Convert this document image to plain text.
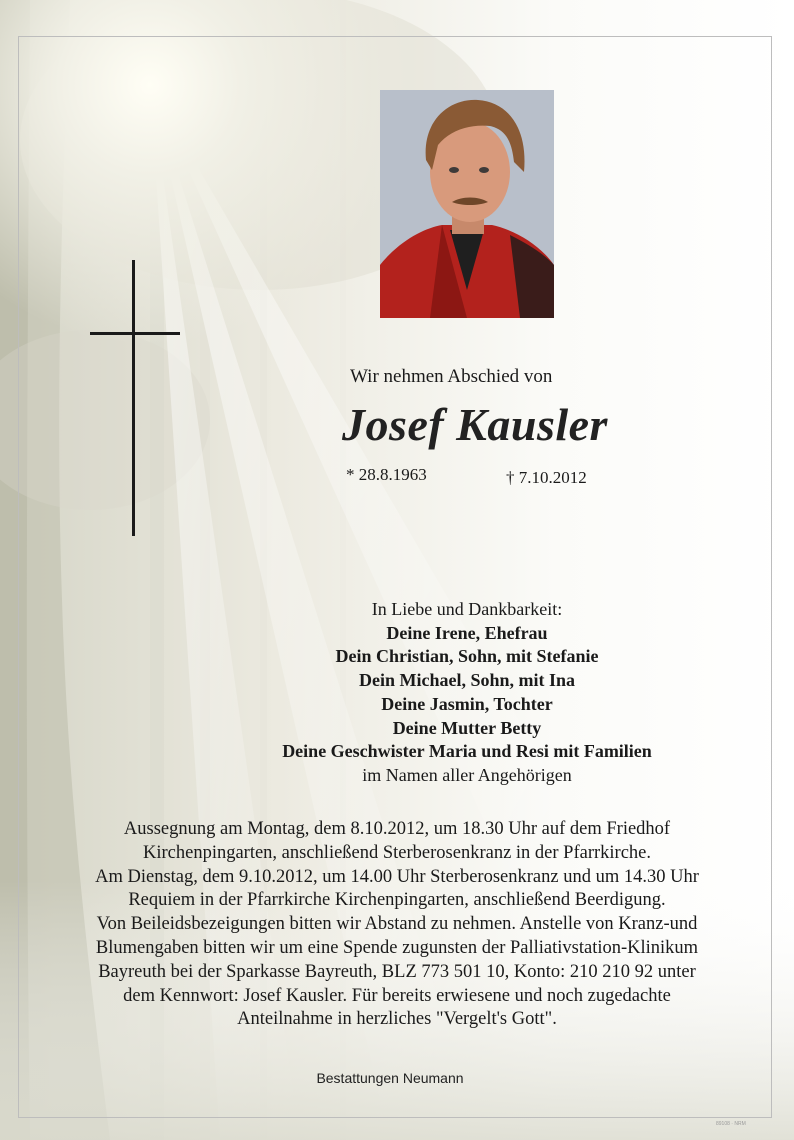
Wir nehmen Abschied von
Josef Kausler
* 28.8.1963	† 7.10.2012
In Liebe und Dankbarkeit:
Deine Irene, Ehefrau
Dein Christian, Sohn, mit Stefanie
Dein Michael, Sohn, mit Ina
Deine Jasmin, Tochter
Deine Mutter Betty
Deine Geschwister Maria und Resi mit Familien
im Namen aller Angehörigen
Aussegnung am Montag, dem 8.10.2012, um 18.30 Uhr auf dem Friedhof
Kirchenpingarten, anschließend Sterberosenkranz in der Pfarrkirche.
Am Dienstag, dem 9.10.2012, um 14.00 Uhr Sterberosenkranz und um 14.30 Uhr
Requiem in der Pfarrkirche Kirchenpingarten, anschließend Beerdigung.
Von Beileidsbezeigungen bitten wir Abstand zu nehmen. Anstelle von Kranz-und
Blumengaben bitten wir um eine Spende zugunsten der Palliativstation-Klinikum
Bayreuth bei der Sparkasse Bayreuth, BLZ 773 501 10, Konto: 210 210 92 unter
dem Kennwort: Josef Kausler. Für bereits erwiesene und noch zugedachte
Anteilnahme in herzliches "Vergelt's Gott".
Bestattungen Neumann
89108 · NRM
